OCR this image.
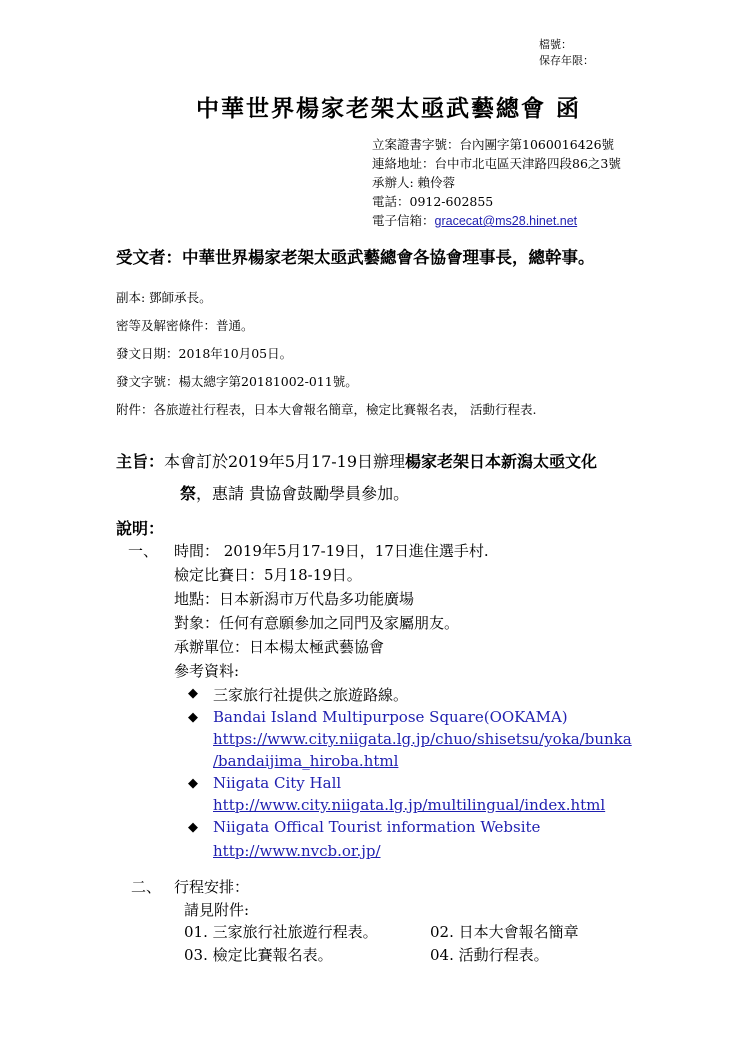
檔號：
保存年限：
中華世界楊家老架太亟武藝總會 函
立案證書字號：台內團字第1060016426號
連絡地址：台中市北屯區天津路四段86之3號
承辦人: 賴伶蓉
電話：0912-602855
電子信箱：gracecat@ms28.hinet.net
受文者：中華世界楊家老架太亟武藝總會各協會理事長，總幹事。
副本: 鄧師承長。
密等及解密條件：普通。
發文日期：2018年10月05日。
發文字號：楊太總字第20181002-011號。
附件：各旅遊社行程表，日本大會報名簡章，檢定比賽報名表， 活動行程表.
主旨：本會訂於2019年5月17-19日辦理楊家老架日本新潟太亟文化
祭，惠請 貴協會鼓勵學員參加。
說明：
一、 時間： 2019年5月17-19日，17日進住選手村.
檢定比賽日：5月18-19日。
地點：日本新潟市万代島多功能廣場
對象：任何有意願參加之同門及家屬朋友。
承辦單位：日本楊太極武藝協會
參考資料:
◆ 三家旅行社提供之旅遊路線。
◆ Bandai Island Multipurpose Square(OOKAMA)
https://www.city.niigata.lg.jp/chuo/shisetsu/yoka/bunka
/bandaijima_hiroba.html
◆ Niigata City Hall
http://www.city.niigata.lg.jp/multilingual/index.html
◆ Niigata Offical Tourist information Website
http://www.nvcb.or.jp/
二、 行程安排：
請見附件:
01. 三家旅行社旅遊行程表。	02. 日本大會報名簡章
03. 檢定比賽報名表。	04. 活動行程表。
